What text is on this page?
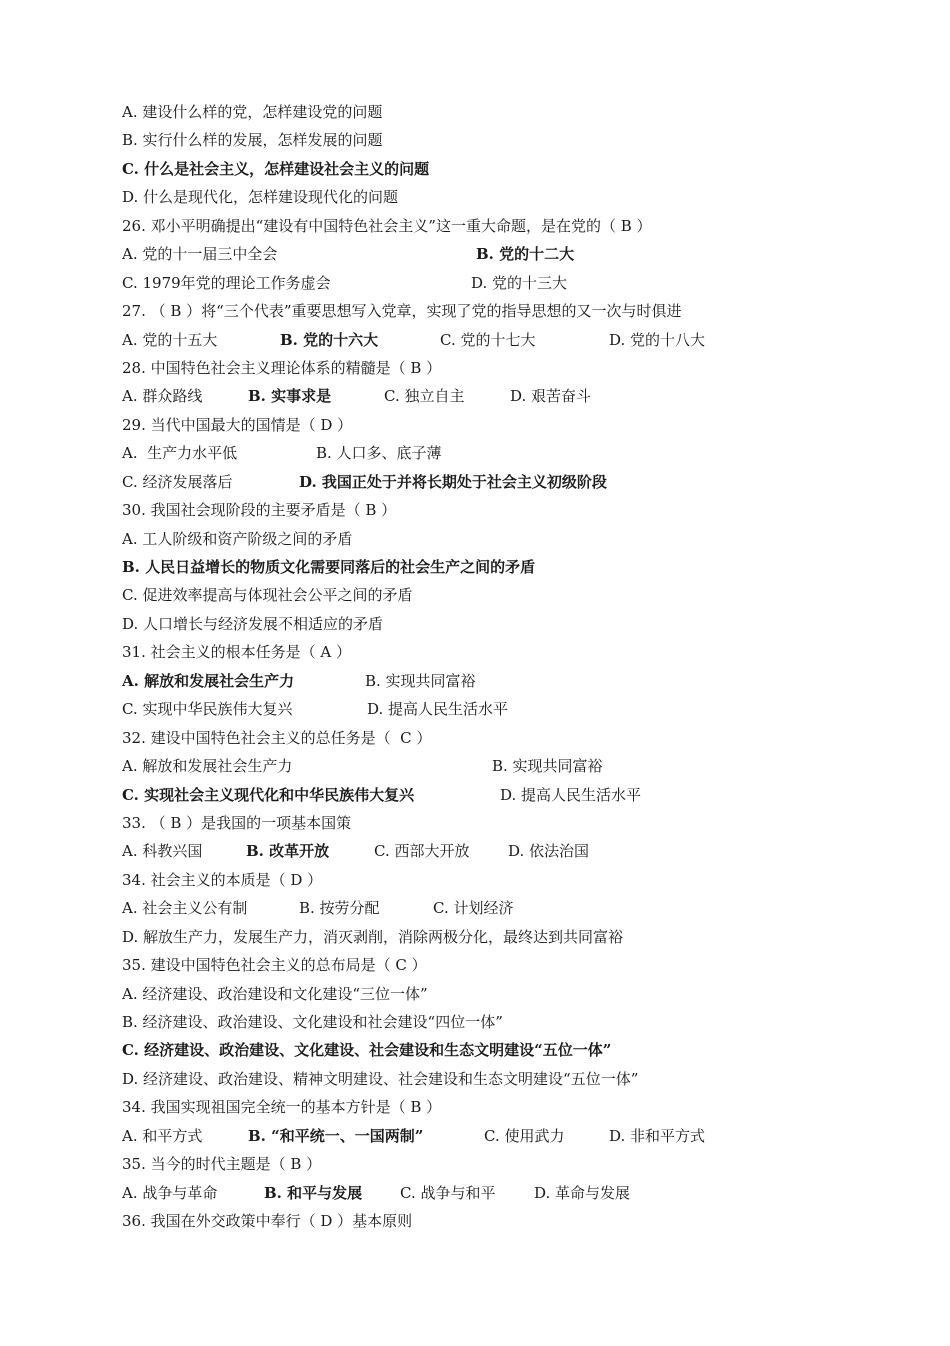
A. 建设什么样的党，怎样建设党的问题
B. 实行什么样的发展，怎样发展的问题
C. 什么是社会主义，怎样建设社会主义的问题
D. 什么是现代化，怎样建设现代化的问题
26. 邓小平明确提出“建设有中国特色社会主义”这一重大命题，是在党的（ B ）
A. 党的十一届三中全会	B. 党的十二大
C. 1979年党的理论工作务虚会	D. 党的十三大
27. （ B ）将“三个代表”重要思想写入党章，实现了党的指导思想的又一次与时俱进
A. 党的十五大	B. 党的十六大	C. 党的十七大	D. 党的十八大
28. 中国特色社会主义理论体系的精髓是（ B ）
A. 群众路线	B. 实事求是	C. 独立自主	D. 艰苦奋斗
29. 当代中国最大的国情是（ D ）
A.  生产力水平低	B. 人口多、底子薄
C. 经济发展落后	D. 我国正处于并将长期处于社会主义初级阶段
30. 我国社会现阶段的主要矛盾是（ B ）
A. 工人阶级和资产阶级之间的矛盾
B. 人民日益增长的物质文化需要同落后的社会生产之间的矛盾
C. 促进效率提高与体现社会公平之间的矛盾
D. 人口增长与经济发展不相适应的矛盾
31. 社会主义的根本任务是（ A ）
A. 解放和发展社会生产力	B. 实现共同富裕
C. 实现中华民族伟大复兴	D. 提高人民生活水平
32. 建设中国特色社会主义的总任务是（  C ）
A. 解放和发展社会生产力	B. 实现共同富裕
C. 实现社会主义现代化和中华民族伟大复兴	D. 提高人民生活水平
33. （ B ）是我国的一项基本国策
A. 科教兴国	B. 改革开放	C. 西部大开放	D. 依法治国
34. 社会主义的本质是（ D ）
A. 社会主义公有制	B. 按劳分配	C. 计划经济
D. 解放生产力，发展生产力，消灭剥削，消除两极分化，最终达到共同富裕
35. 建设中国特色社会主义的总布局是（ C ）
A. 经济建设、政治建设和文化建设“三位一体”
B. 经济建设、政治建设、文化建设和社会建设“四位一体”
C. 经济建设、政治建设、文化建设、社会建设和生态文明建设“五位一体”
D. 经济建设、政治建设、精神文明建设、社会建设和生态文明建设“五位一体”
34. 我国实现祖国完全统一的基本方针是（ B ）
A. 和平方式	B. “和平统一、一国两制”	C. 使用武力	D. 非和平方式
35. 当今的时代主题是（ B ）
A. 战争与革命	B. 和平与发展	C. 战争与和平	D. 革命与发展
36. 我国在外交政策中奉行（ D ）基本原则
